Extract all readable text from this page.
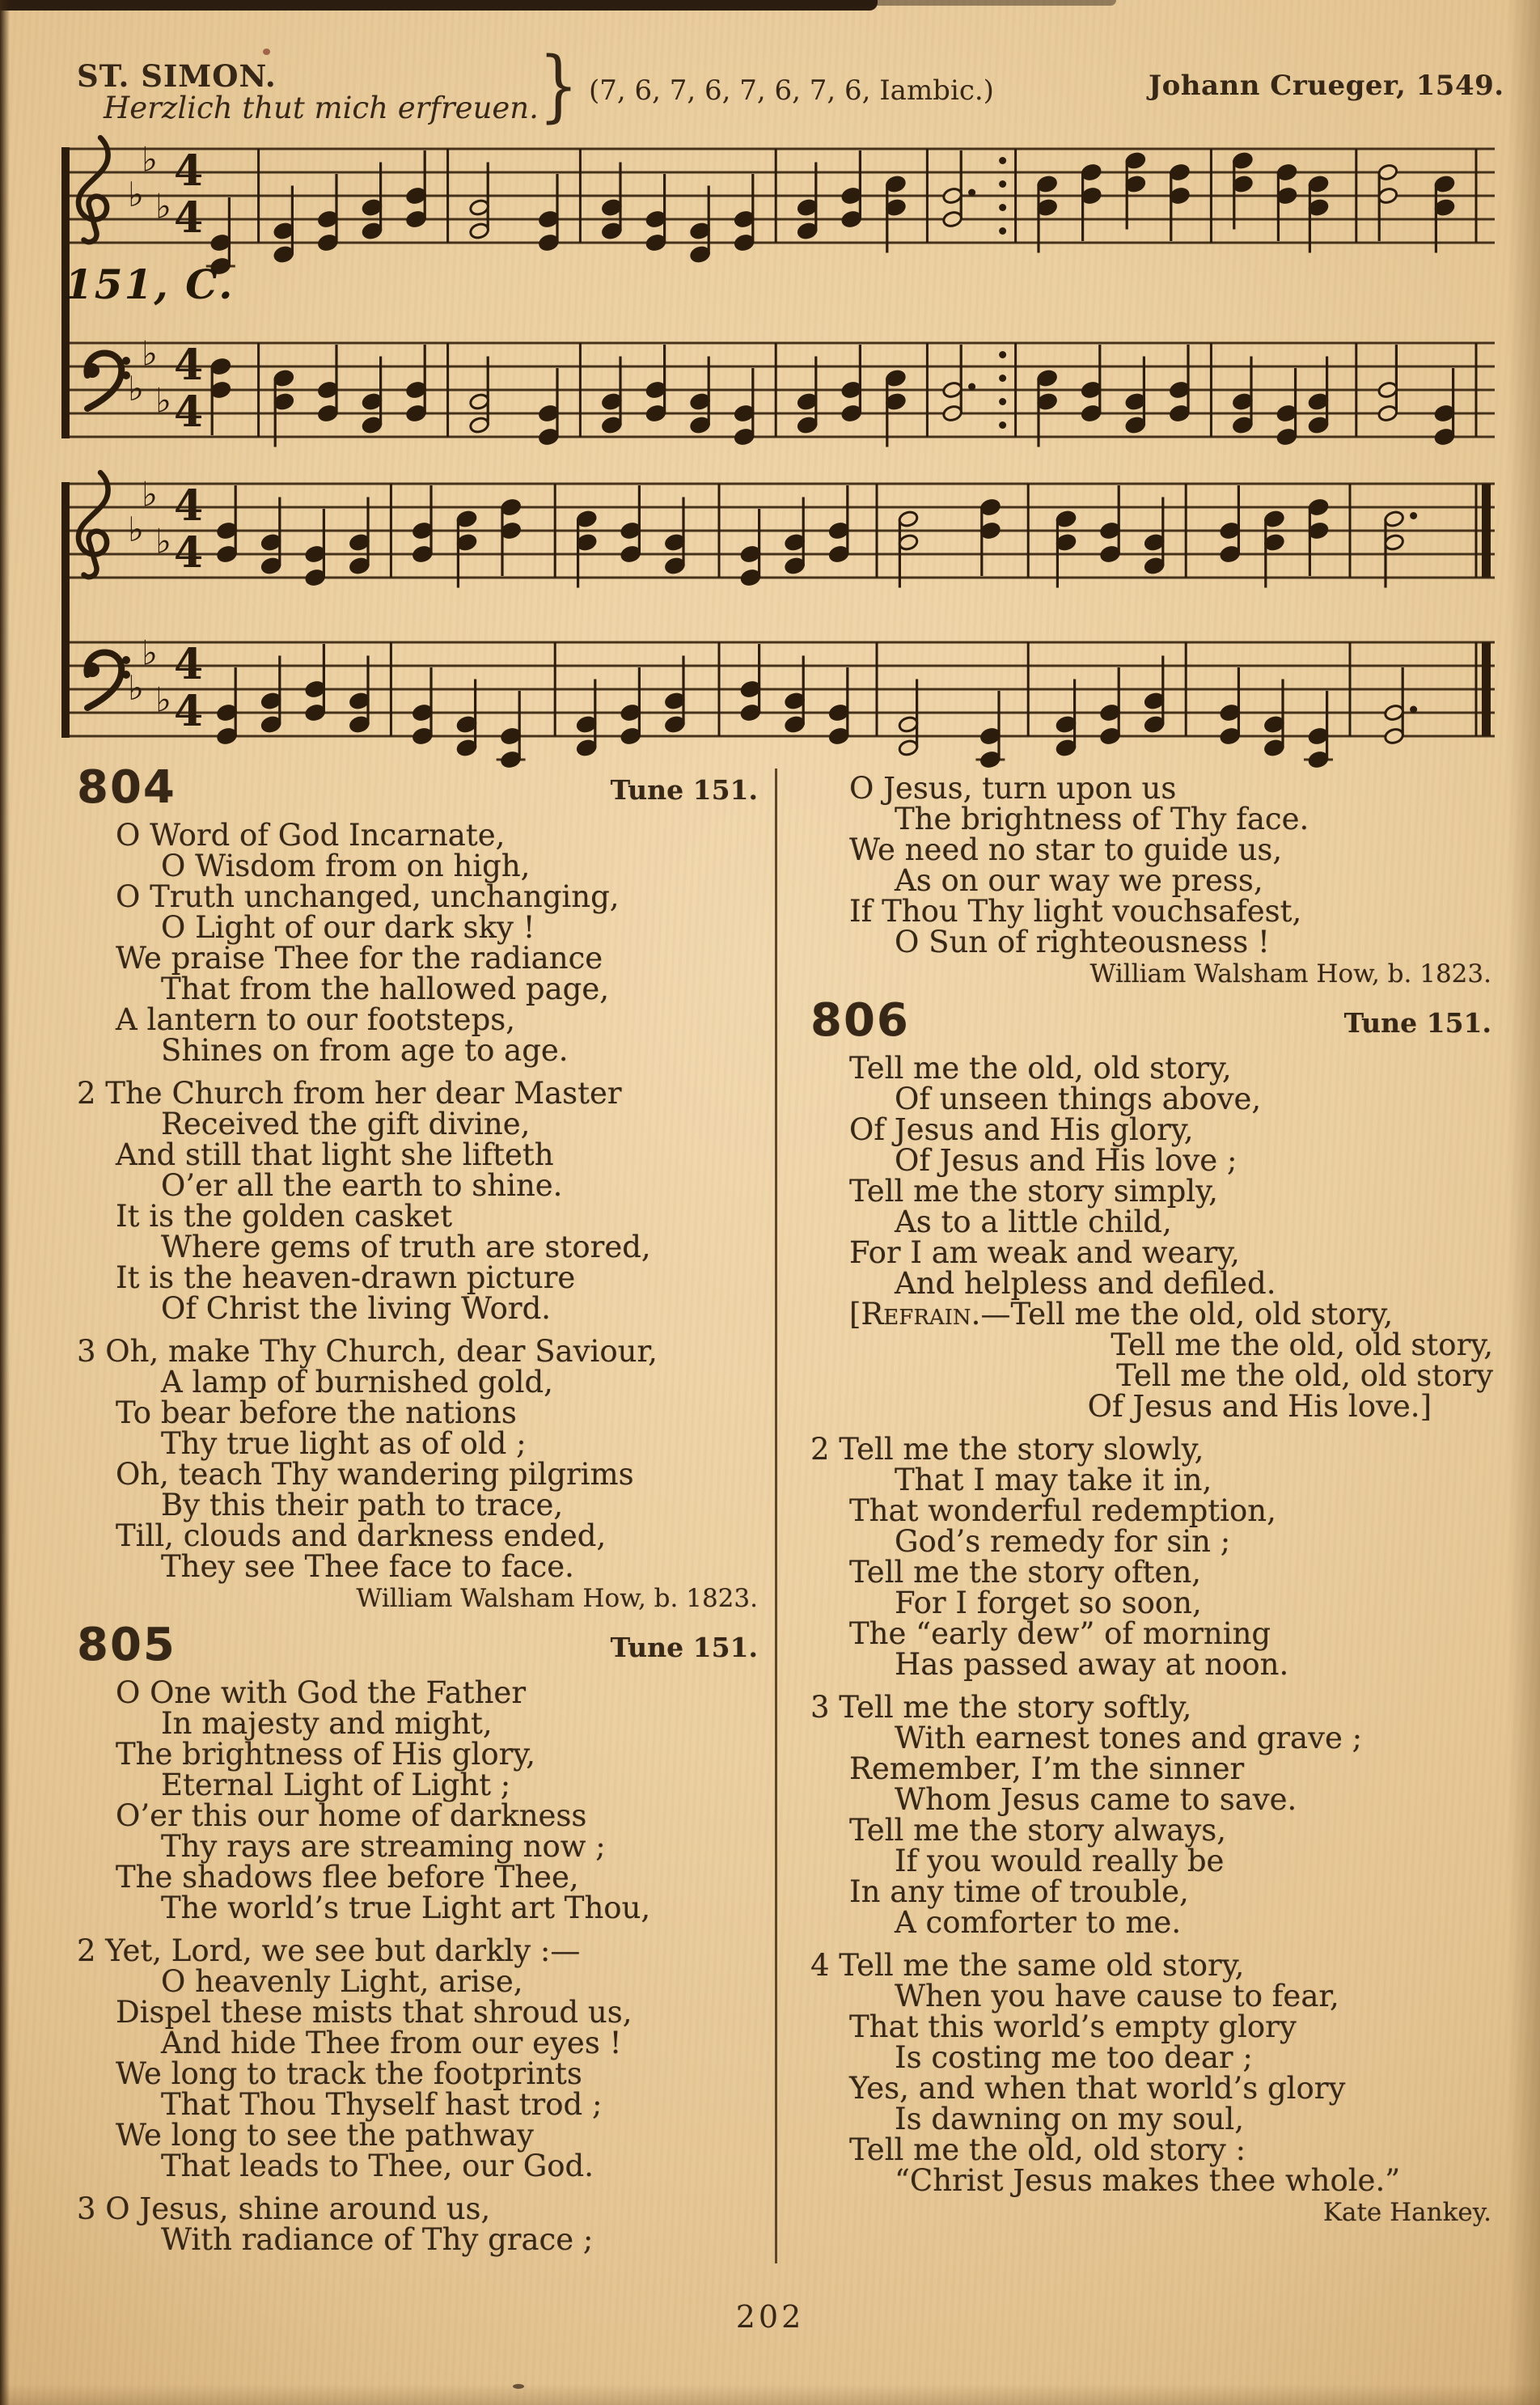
ST. SIMON.
Herzlich thut mich erfreuen. } (7, 6, 7, 6, 7, 6, 7, 6, Iambic.)	Johann Crueger, 1549.
♭
♭
♭
4
4
♭
♭
♭
4
4
♭
♭
♭
4
4
♭
♭
♭
4
4
151, C.
804	Tune 151.
O Word of God Incarnate,
O Wisdom from on high,
O Truth unchanged, unchanging,
O Light of our dark sky !
We praise Thee for the radiance
That from the hallowed page,
A lantern to our footsteps,
Shines on from age to age.
2 The Church from her dear Master
Received the gift divine,
And still that light she lifteth
O’er all the earth to shine.
It is the golden casket
Where gems of truth are stored,
It is the heaven-drawn picture
Of Christ the living Word.
3 Oh, make Thy Church, dear Saviour,
A lamp of burnished gold,
To bear before the nations
Thy true light as of old ;
Oh, teach Thy wandering pilgrims
By this their path to trace,
Till, clouds and darkness ended,
They see Thee face to face.
William Walsham How, b. 1823.
805	Tune 151.
O One with God the Father
In majesty and might,
The brightness of His glory,
Eternal Light of Light ;
O’er this our home of darkness
Thy rays are streaming now ;
The shadows flee before Thee,
The world’s true Light art Thou,
2 Yet, Lord, we see but darkly :—
O heavenly Light, arise,
Dispel these mists that shroud us,
And hide Thee from our eyes !
We long to track the footprints
That Thou Thyself hast trod ;
We long to see the pathway
That leads to Thee, our God.
3 O Jesus, shine around us,
With radiance of Thy grace ;
O Jesus, turn upon us
The brightness of Thy face.
We need no star to guide us,
As on our way we press,
If Thou Thy light vouchsafest,
O Sun of righteousness !
William Walsham How, b. 1823.
806	Tune 151.
Tell me the old, old story,
Of unseen things above,
Of Jesus and His glory,
Of Jesus and His love ;
Tell me the story simply,
As to a little child,
For I am weak and weary,
And helpless and defiled.
[Refrain.—Tell me the old, old story,
Tell me the old, old story,
Tell me the old, old story
Of Jesus and His love.]
2 Tell me the story slowly,
That I may take it in,
That wonderful redemption,
God’s remedy for sin ;
Tell me the story often,
For I forget so soon,
The “early dew” of morning
Has passed away at noon.
3 Tell me the story softly,
With earnest tones and grave ;
Remember, I’m the sinner
Whom Jesus came to save.
Tell me the story always,
If you would really be
In any time of trouble,
A comforter to me.
4 Tell me the same old story,
When you have cause to fear,
That this world’s empty glory
Is costing me too dear ;
Yes, and when that world’s glory
Is dawning on my soul,
Tell me the old, old story :
“Christ Jesus makes thee whole.”
Kate Hankey.
202
